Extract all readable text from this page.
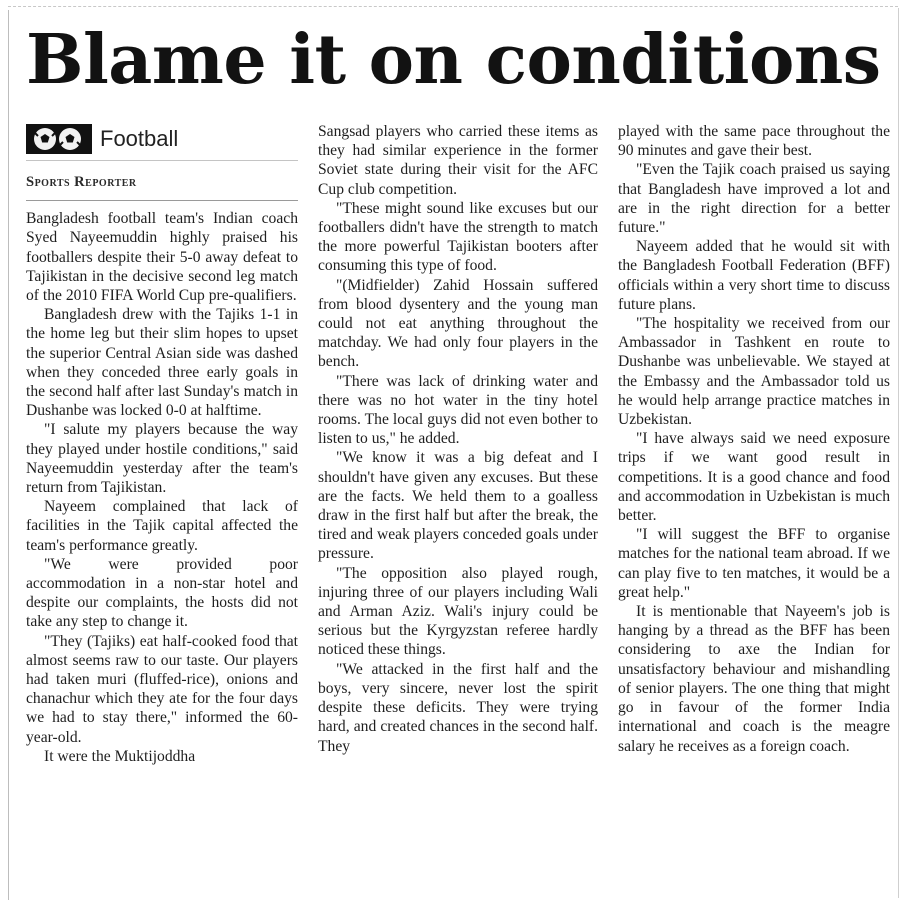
Blame it on conditions
Football
Sports Reporter

Bangladesh football team's Indian coach Syed Nayeemuddin highly praised his footballers despite their 5-0 away defeat to Tajikistan in the decisive second leg match of the 2010 FIFA World Cup pre-qualifiers.

Bangladesh drew with the Tajiks 1-1 in the home leg but their slim hopes to upset the superior Central Asian side was dashed when they conceded three early goals in the second half after last Sunday's match in Dushanbe was locked 0-0 at halftime.

"I salute my players because the way they played under hostile conditions," said Nayeemuddin yesterday after the team's return from Tajikistan.

Nayeem complained that lack of facilities in the Tajik capital affected the team's performance greatly.

"We were provided poor accommodation in a non-star hotel and despite our complaints, the hosts did not take any step to change it.

"They (Tajiks) eat half-cooked food that almost seems raw to our taste. Our players had taken muri (fluffed-rice), onions and chanachur which they ate for the four days we had to stay there," informed the 60-year-old.

It were the Muktijoddha

Sangsad players who carried these items as they had similar experience in the former Soviet state during their visit for the AFC Cup club competition.

"These might sound like excuses but our footballers didn't have the strength to match the more powerful Tajikistan booters after consuming this type of food.

"(Midfielder) Zahid Hossain suffered from blood dysentery and the young man could not eat anything throughout the matchday. We had only four players in the bench.

"There was lack of drinking water and there was no hot water in the tiny hotel rooms. The local guys did not even bother to listen to us," he added.

"We know it was a big defeat and I shouldn't have given any excuses. But these are the facts. We held them to a goalless draw in the first half but after the break, the tired and weak players conceded goals under pressure.

"The opposition also played rough, injuring three of our players including Wali and Arman Aziz. Wali's injury could be serious but the Kyrgyzstan referee hardly noticed these things.

"We attacked in the first half and the boys, very sincere, never lost the spirit despite these deficits. They were trying hard, and created chances in the second half. They

played with the same pace throughout the 90 minutes and gave their best.

"Even the Tajik coach praised us saying that Bangladesh have improved a lot and are in the right direction for a better future."

Nayeem added that he would sit with the Bangladesh Football Federation (BFF) officials within a very short time to discuss future plans.

"The hospitality we received from our Ambassador in Tashkent en route to Dushanbe was unbelievable. We stayed at the Embassy and the Ambassador told us he would help arrange practice matches in Uzbekistan.

"I have always said we need exposure trips if we want good result in competitions. It is a good chance and food and accommodation in Uzbekistan is much better.

"I will suggest the BFF to organise matches for the national team abroad. If we can play five to ten matches, it would be a great help."

It is mentionable that Nayeem's job is hanging by a thread as the BFF has been considering to axe the Indian for unsatisfactory behaviour and mishandling of senior players. The one thing that might go in favour of the former India international and coach is the meagre salary he receives as a foreign coach.
